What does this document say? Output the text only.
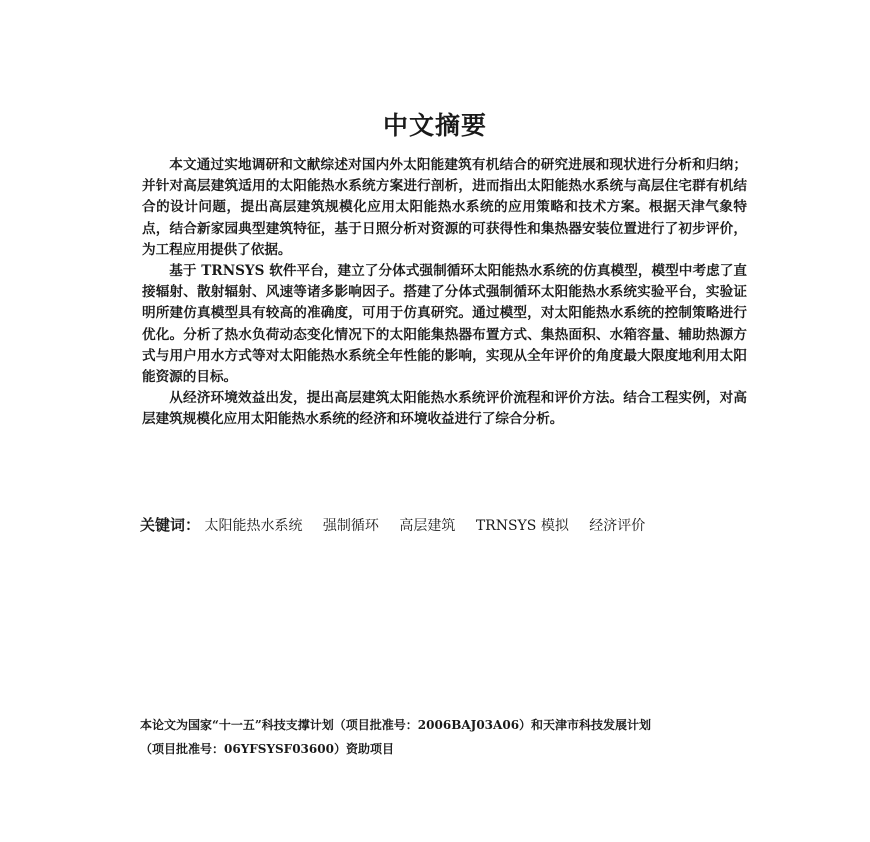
中文摘要

本文通过实地调研和文献综述对国内外太阳能建筑有机结合的研究进展和现状进行分析和归纳；并针对高层建筑适用的太阳能热水系统方案进行剖析，进而指出太阳能热水系统与高层住宅群有机结合的设计问题，提出高层建筑规模化应用太阳能热水系统的应用策略和技术方案。根据天津气象特点，结合新家园典型建筑特征，基于日照分析对资源的可获得性和集热器安装位置进行了初步评价，为工程应用提供了依据。

基于 TRNSYS 软件平台，建立了分体式强制循环太阳能热水系统的仿真模型，模型中考虑了直接辐射、散射辐射、风速等诸多影响因子。搭建了分体式强制循环太阳能热水系统实验平台，实验证明所建仿真模型具有较高的准确度，可用于仿真研究。通过模型，对太阳能热水系统的控制策略进行优化。分析了热水负荷动态变化情况下的太阳能集热器布置方式、集热面积、水箱容量、辅助热源方式与用户用水方式等对太阳能热水系统全年性能的影响，实现从全年评价的角度最大限度地利用太阳能资源的目标。

从经济环境效益出发，提出高层建筑太阳能热水系统评价流程和评价方法。结合工程实例，对高层建筑规模化应用太阳能热水系统的经济和环境收益进行了综合分析。

关键词： 太阳能热水系统 强制循环 高层建筑 TRNSYS 模拟 经济评价
本论文为国家“十一五”科技支撑计划（项目批准号：2006BAJ03A06）和天津市科技发展计划
（项目批准号：06YFSYSF03600）资助项目
